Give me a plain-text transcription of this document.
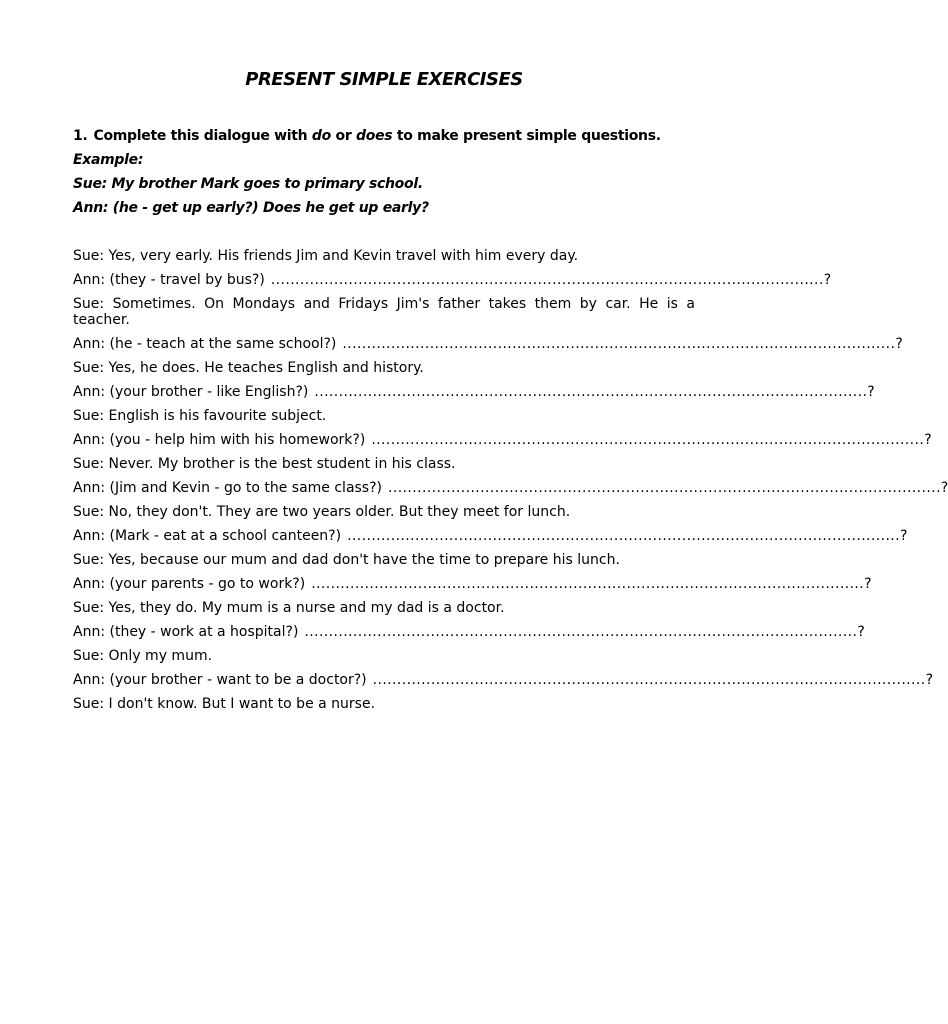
PRESENT SIMPLE EXERCISES
1. Complete this dialogue with do or does to make present simple questions.
Example:
Sue: My brother Mark goes to primary school.
Ann: (he - get up early?) Does he get up early?
Sue: Yes, very early. His friends Jim and Kevin travel with him every day.
Ann: (they - travel by bus?) .................................................................................................................. ?
Sue: Sometimes. On Mondays and Fridays Jim's father takes them by car. He is a teacher.
Ann: (he - teach at the same school?) .................................................................................................................. ?
Sue: Yes, he does. He teaches English and history.
Ann: (your brother - like English?) .................................................................................................................. ?
Sue: English is his favourite subject.
Ann: (you - help him with his homework?) .................................................................................................................. ?
Sue: Never. My brother is the best student in his class.
Ann: (Jim and Kevin - go to the same class?) .................................................................................................................. ?
Sue: No, they don't. They are two years older. But they meet for lunch.
Ann: (Mark - eat at a school canteen?) .................................................................................................................. ?
Sue: Yes, because our mum and dad don't have the time to prepare his lunch.
Ann: (your parents - go to work?) .................................................................................................................. ?
Sue: Yes, they do. My mum is a nurse and my dad is a doctor.
Ann: (they - work at a hospital?) .................................................................................................................. ?
Sue: Only my mum.
Ann: (your brother - want to be a doctor?) .................................................................................................................. ?
Sue: I don't know. But I want to be a nurse.
